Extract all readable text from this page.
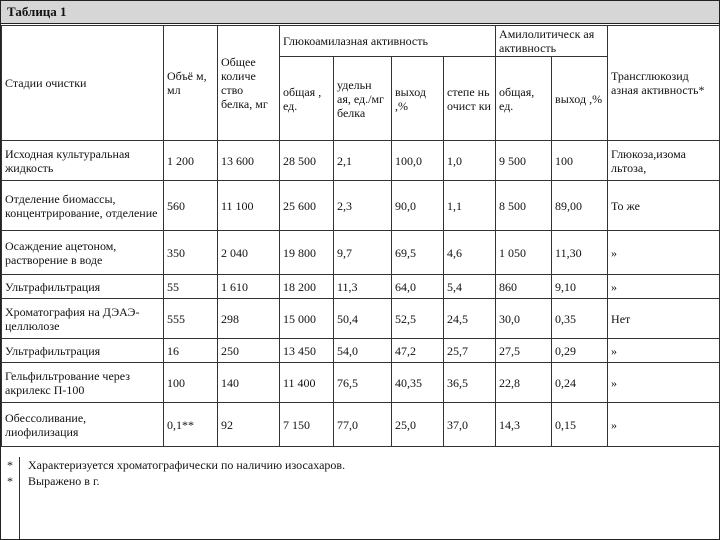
Таблица 1
Стадии очистки	Объё м, мл	Общее количе ство белка, мг	Глюкоамилазная активность				Амилолитическ ая активность		Трансглюкозид азная активность*
			общая , ед.	удельн ая, ед./мг белка	выход ,%	степе нь очист ки	общая, ед.	выход ,%	
Исходная культуральная жидкость	1 200	13 600	28 500	2,1	100,0	1,0	9 500	100	Глюкоза,изома льтоза,
Отделение биомассы, концентрирование, отделение	560	11 100	25 600	2,3	90,0	1,1	8 500	89,00	То же
Осаждение ацетоном, растворение в воде	350	2 040	19 800	9,7	69,5	4,6	1 050	11,30	»
Ультрафильтрация	55	1 610	18 200	11,3	64,0	5,4	860	9,10	»
Хроматография на ДЭАЭ-целлюлозе	555	298	15 000	50,4	52,5	24,5	30,0	0,35	Нет
Ультрафильтрация	16	250	13 450	54,0	47,2	25,7	27,5	0,29	»
Гельфильтрование через акрилекс П-100	100	140	11 400	76,5	40,35	36,5	22,8	0,24	»
Обессоливание, лиофилизация	0,1**	92	7 150	77,0	25,0	37,0	14,3	0,15	»
*	Характеризуется хроматографически по наличию изосахаров.
*	Выражено в г.
